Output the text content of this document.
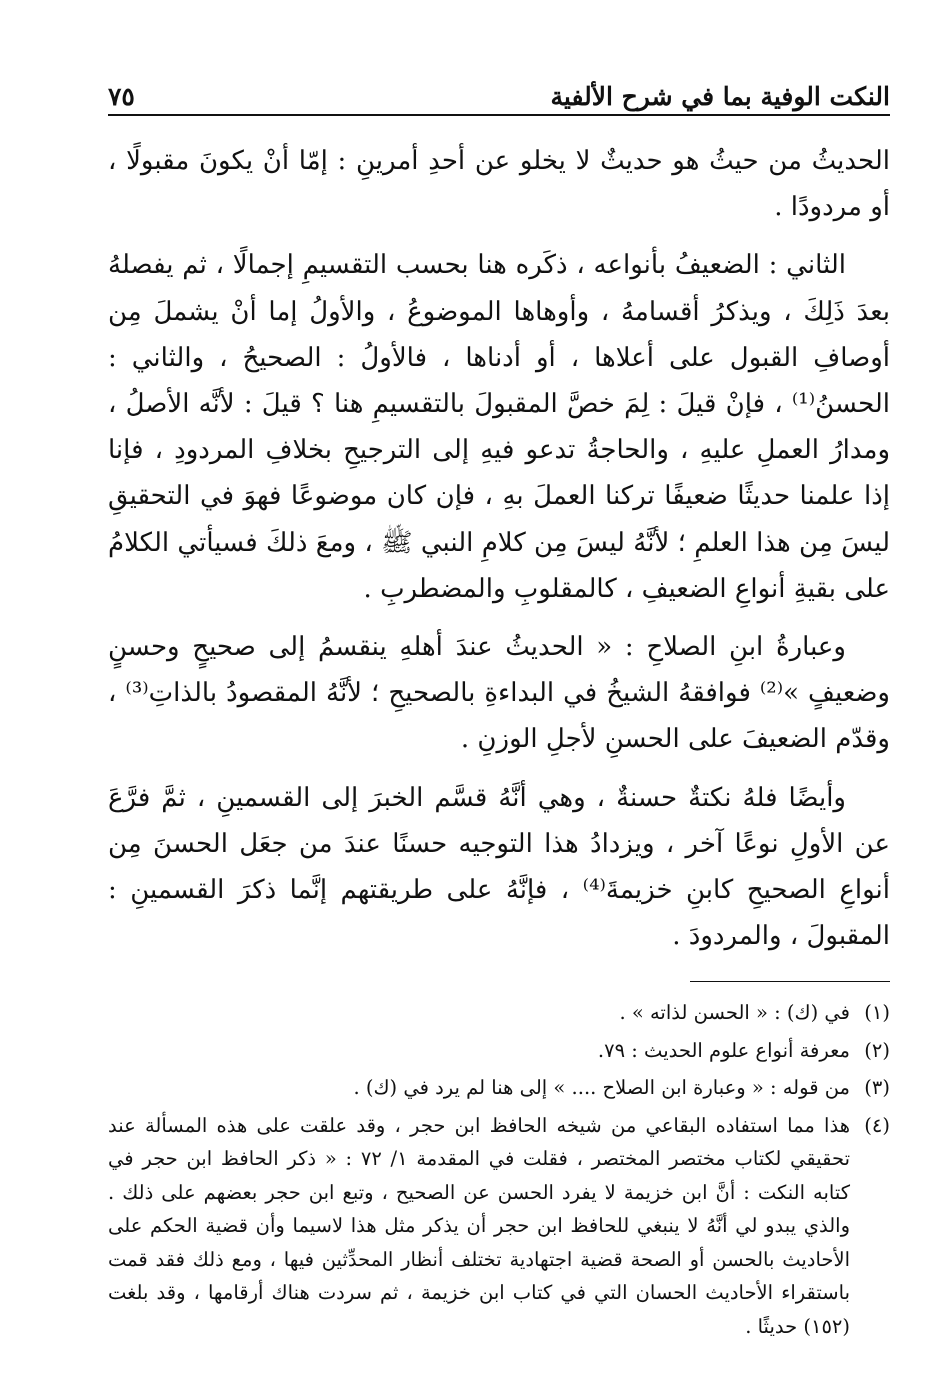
النكت الوفية بما في شرح الألفية
٧٥

الحديثُ من حيثُ هو حديثٌ لا يخلو عن أحدِ أمرينِ : إمّا أنْ يكونَ مقبولًا ، أو مردودًا .

الثاني : الضعيفُ بأنواعه ، ذكَره هنا بحسب التقسيمِ إجمالًا ، ثم يفصلهُ بعدَ ذَلِكَ ، ويذكرُ أقسامهُ ، وأوهاها الموضوعُ ، والأولُ إما أنْ يشملَ مِن أوصافِ القبول على أعلاها ، أو أدناها ، فالأولُ : الصحيحُ ، والثاني : الحسنُ⁽¹⁾ ، فإنْ قيلَ : لِمَ خصَّ المقبولَ بالتقسيمِ هنا ؟ قيلَ : لأنَّه الأصلُ ، ومدارُ العملِ عليهِ ، والحاجةُ تدعو فيهِ إلى الترجيحِ بخلافِ المردودِ ، فإنا إذا علمنا حديثًا ضعيفًا تركنا العملَ بهِ ، فإن كان موضوعًا فهوَ في التحقيقِ ليسَ مِن هذا العلمِ ؛ لأنَّهُ ليسَ مِن كلامِ النبي ﷺ ، ومعَ ذلكَ فسيأتي الكلامُ على بقيةِ أنواعِ الضعيفِ ، كالمقلوبِ والمضطربِ .

وعبارةُ ابنِ الصلاحِ : « الحديثُ عندَ أهلهِ ينقسمُ إلى صحيحٍ وحسنٍ وضعيفٍ »⁽²⁾ فوافقهُ الشيخُ في البداءةِ بالصحيحِ ؛ لأنَّهُ المقصودُ بالذاتِ⁽³⁾ ، وقدّم الضعيفَ على الحسنِ لأجلِ الوزنِ .

وأيضًا فلهُ نكتةٌ حسنةٌ ، وهي أنَّهُ قسَّم الخبرَ إلى القسمينِ ، ثمَّ فرَّعَ عن الأولِ نوعًا آخر ، ويزدادُ هذا التوجيه حسنًا عندَ من جعَل الحسنَ مِن أنواعِ الصحيحِ كابنِ خزيمةَ⁽⁴⁾ ، فإنَّهُ على طريقتهم إنَّما ذكرَ القسمينِ : المقبولَ ، والمردودَ .

(١)
في (ك) : « الحسن لذاته » .
(٢)
معرفة أنواع علوم الحديث : ٧٩.
(٣)
من قوله : « وعبارة ابن الصلاح .... » إلى هنا لم يرد في (ك) .
(٤)
هذا مما استفاده البقاعي من شيخه الحافظ ابن حجر ، وقد علقت على هذه المسألة عند تحقيقي لكتاب مختصر المختصر ، فقلت في المقدمة ١/ ٧٢ : « ذكر الحافظ ابن حجر في كتابه النكت : أنَّ ابن خزيمة لا يفرد الحسن عن الصحيح ، وتبع ابن حجر بعضهم على ذلك . والذي يبدو لي أنَّهُ لا ينبغي للحافظ ابن حجر أن يذكر مثل هذا لاسيما وأن قضية الحكم على الأحاديث بالحسن أو الصحة قضية اجتهادية تختلف أنظار المحدِّثين فيها ، ومع ذلك فقد قمت باستقراء الأحاديث الحسان التي في كتاب ابن خزيمة ، ثم سردت هناك أرقامها ، وقد بلغت (١٥٢) حديثًا .
